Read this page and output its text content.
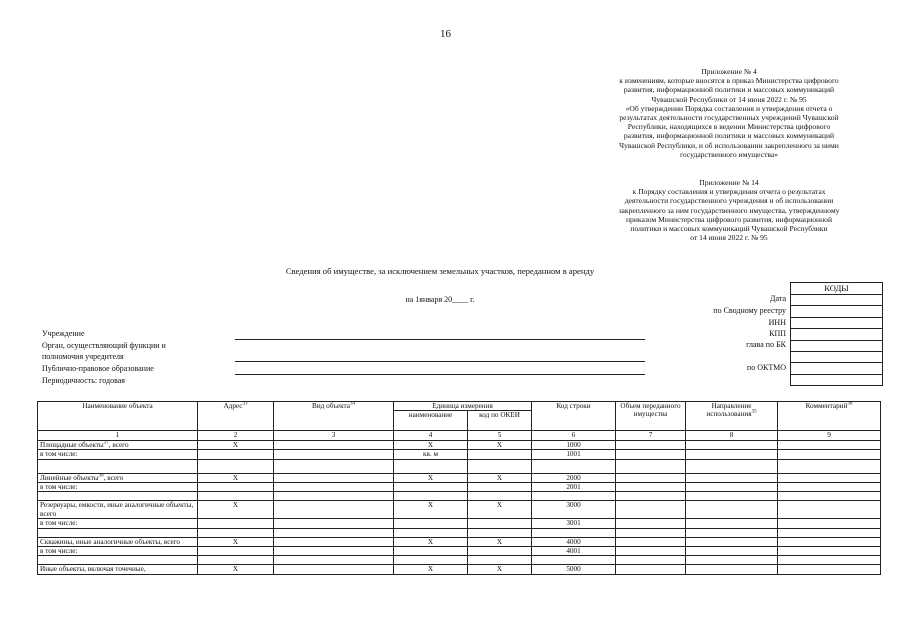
16
Приложение № 4
к изменениям, которые вносятся в приказ Министерства цифрового
развития, информационной политики и массовых коммуникаций
Чувашской Республики от 14 июня 2022 г. № 95
«Об утверждении Порядка составления и утверждения отчета о
результатах деятельности государственных учреждений Чувашской
Республики, находящихся в ведении Министерства цифрового
развития, информационной политики и массовых коммуникаций
Чувашской Республики, и об использовании закрепленного за ними
государственного имущества»
Приложение № 14
к Порядку составления и утверждения отчета о результатах
деятельности государственного учреждения и об использовании
закрепленного за ним государственного имущества, утвержденному
приказом Министерства цифрового развития, информационной
политики и массовых коммуникаций Чувашской Республики
от 14 июня 2022 г. № 95
Сведения об имуществе, за исключением земельных участков, переданном в аренду
на 1января 20____ г.
КОДЫ
Дата
по Сводному реестру
ИНН
КПП
глава по БК
по ОКТМО
Учреждение
Орган, осуществляющий функции и
полномочия учредителя
Публично-правовое образование
Периодичность: годовая
Наименование объекта	Адрес$^{33}$	Вид объекта$^{34}$	Единица измерения		Код строки	Объем переданного имущества	Направление использования$^{35}$	Комментарий$^{36}$
			наименование	код по ОКЕИ				
1	2	3	4	5	6	7	8	9
Площадные объекты$^{37}$, всего	X		X	X	1000			
в том числе:			кв. м		1001			

Линейные объекты$^{38}$, всего	X		X	X	2000			
в том числе:					2001			

Резервуары, емкости, иные аналогичные объекты, всего	X		X	X	3000			
в том числе:					3001			

Скважины, иные аналогичные объекты, всего	X		X	X	4000			
в том числе:					4001			

Иные объекты, включая точечные,	X		X	X	5000			
